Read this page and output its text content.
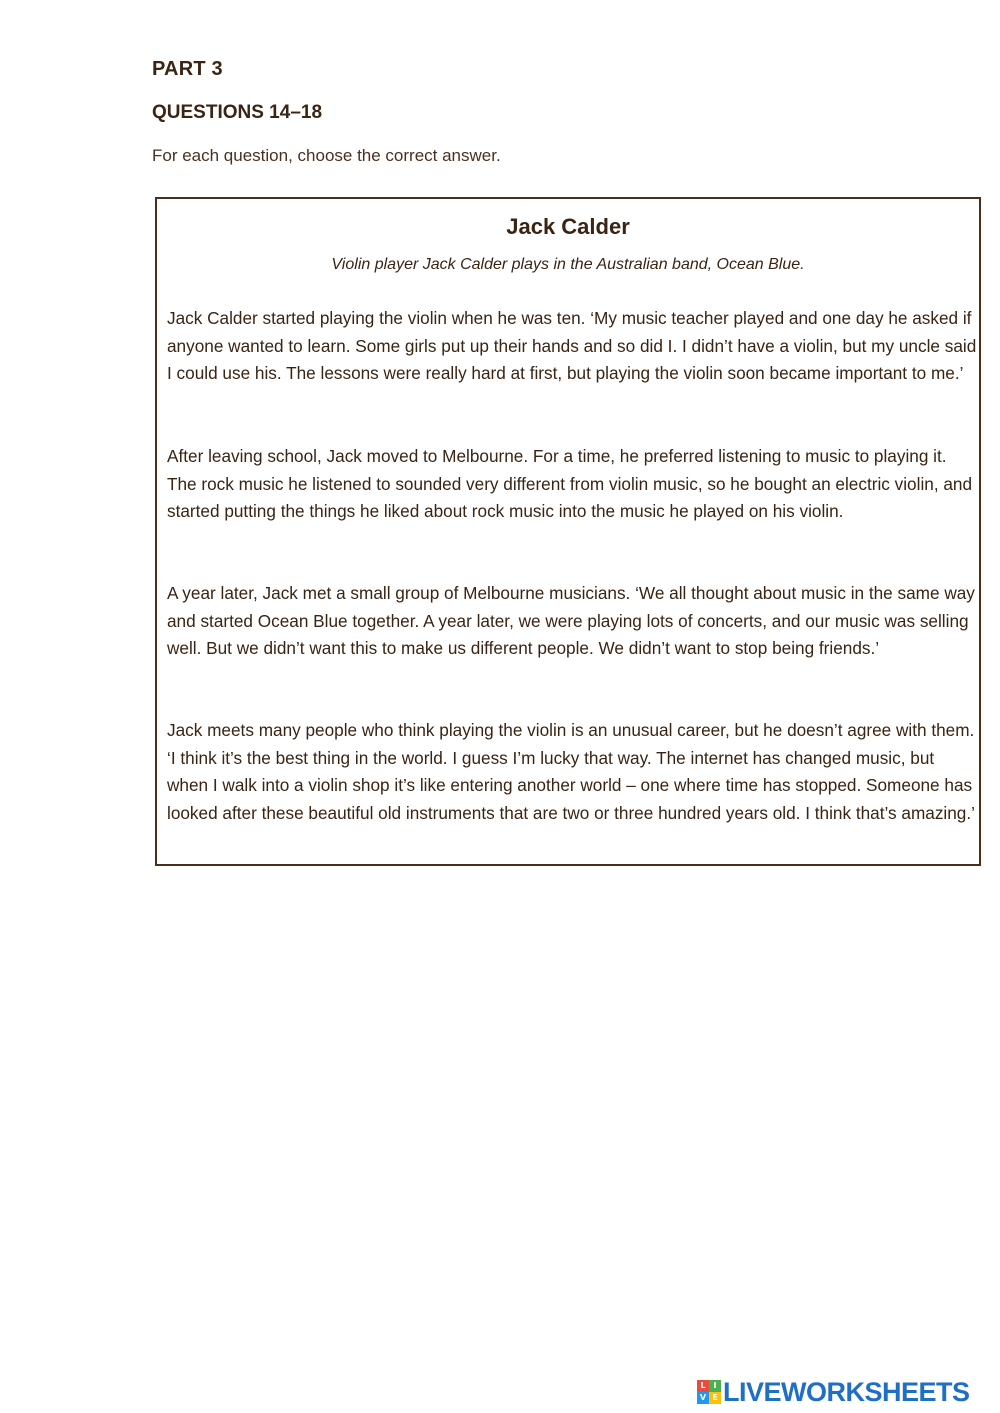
PART 3
QUESTIONS 14–18
For each question, choose the correct answer.
Jack Calder
Violin player Jack Calder plays in the Australian band, Ocean Blue.
Jack Calder started playing the violin when he was ten. ‘My music teacher played and one day he asked if anyone wanted to learn. Some girls put up their hands and so did I. I didn’t have a violin, but my uncle said I could use his. The lessons were really hard at first, but playing the violin soon became important to me.’
After leaving school, Jack moved to Melbourne. For a time, he preferred listening to music to playing it. The rock music he listened to sounded very different from violin music, so he bought an electric violin, and started putting the things he liked about rock music into the music he played on his violin.
A year later, Jack met a small group of Melbourne musicians. ‘We all thought about music in the same way and started Ocean Blue together. A year later, we were playing lots of concerts, and our music was selling well. But we didn’t want this to make us different people. We didn’t want to stop being friends.’
Jack meets many people who think playing the violin is an unusual career, but he doesn’t agree with them. ‘I think it’s the best thing in the world. I guess I’m lucky that way. The internet has changed music, but when I walk into a violin shop it’s like entering another world – one where time has stopped. Someone has looked after these beautiful old instruments that are two or three hundred years old. I think that’s amazing.’
L I
V E LIVEWORKSHEETS
